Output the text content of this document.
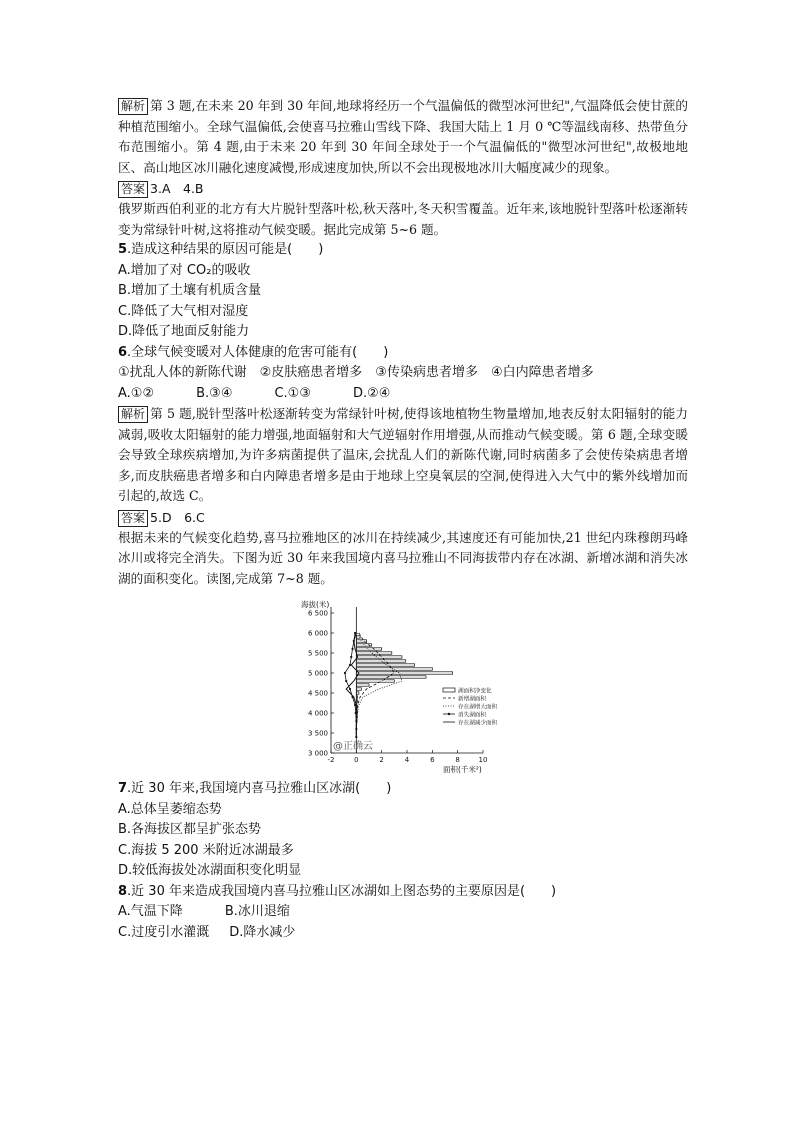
解析 第 3 题,在未来 20 年到 30 年间,地球将经历一个气温偏低的微型冰河世纪",气温降低会使甘蔗的种植范围缩小。全球气温偏低,会使喜马拉雅山雪线下降、我国大陆上 1 月 0 ℃等温线南移、热带鱼分布范围缩小。第 4 题,由于未来 20 年到 30 年间全球处于一个气温偏低的"微型冰河世纪",故极地地区、高山地区冰川融化速度减慢,形成速度加快,所以不会出现极地冰川大幅度减少的现象。

答案 3.A　4.B

俄罗斯西伯利亚的北方有大片脱针型落叶松,秋天落叶,冬天积雪覆盖。近年来,该地脱针型落叶松逐渐转变为常绿针叶树,这将推动气候变暖。据此完成第 5~6 题。

5.造成这种结果的原因可能是(　　)

A.增加了对 CO₂的吸收

B.增加了土壤有机质含量

C.降低了大气相对湿度

D.降低了地面反射能力

6.全球气候变暖对人体健康的危害可能有(　　)

①扰乱人体的新陈代谢　②皮肤癌患者增多　③传染病患者增多　④白内障患者增多

A.①②	B.③④	C.①③	D.②④

解析 第 5 题,脱针型落叶松逐渐转变为常绿针叶树,使得该地植物生物量增加,地表反射太阳辐射的能力减弱,吸收太阳辐射的能力增强,地面辐射和大气逆辐射作用增强,从而推动气候变暖。第 6 题,全球变暖会导致全球疾病增加,为许多病菌提供了温床,会扰乱人们的新陈代谢,同时病菌多了会使传染病患者增多,而皮肤癌患者增多和白内障患者增多是由于地球上空臭氧层的空洞,使得进入大气中的紫外线增加而引起的,故选 C。

答案 5.D　6.C

根据未来的气候变化趋势,喜马拉雅地区的冰川在持续减少,其速度还有可能加快,21 世纪内珠穆朗玛峰冰川或将完全消失。下图为近 30 年来我国境内喜马拉雅山不同海拔带内存在冰湖、新增冰湖和消失冰湖的面积变化。读图,完成第 7~8 题。

3 000
3 500
4 000
4 500
5 000
5 500
6 000
6 500
-2	0	2	4	6	8	10
湖面积净变化
新增湖面积
存在湖增大面积
消失湖面积
存在湖减少面积
@正确云
海拔(米)
面积(千米²)

7.近 30 年来,我国境内喜马拉雅山区冰湖(　　)

A.总体呈萎缩态势

B.各海拔区都呈扩张态势

C.海拔 5 200 米附近冰湖最多

D.较低海拔处冰湖面积变化明显

8.近 30 年来造成我国境内喜马拉雅山区冰湖如上图态势的主要原因是(　　)

A.气温下降	B.冰川退缩
C.过度引水灌溉 D.降水减少
